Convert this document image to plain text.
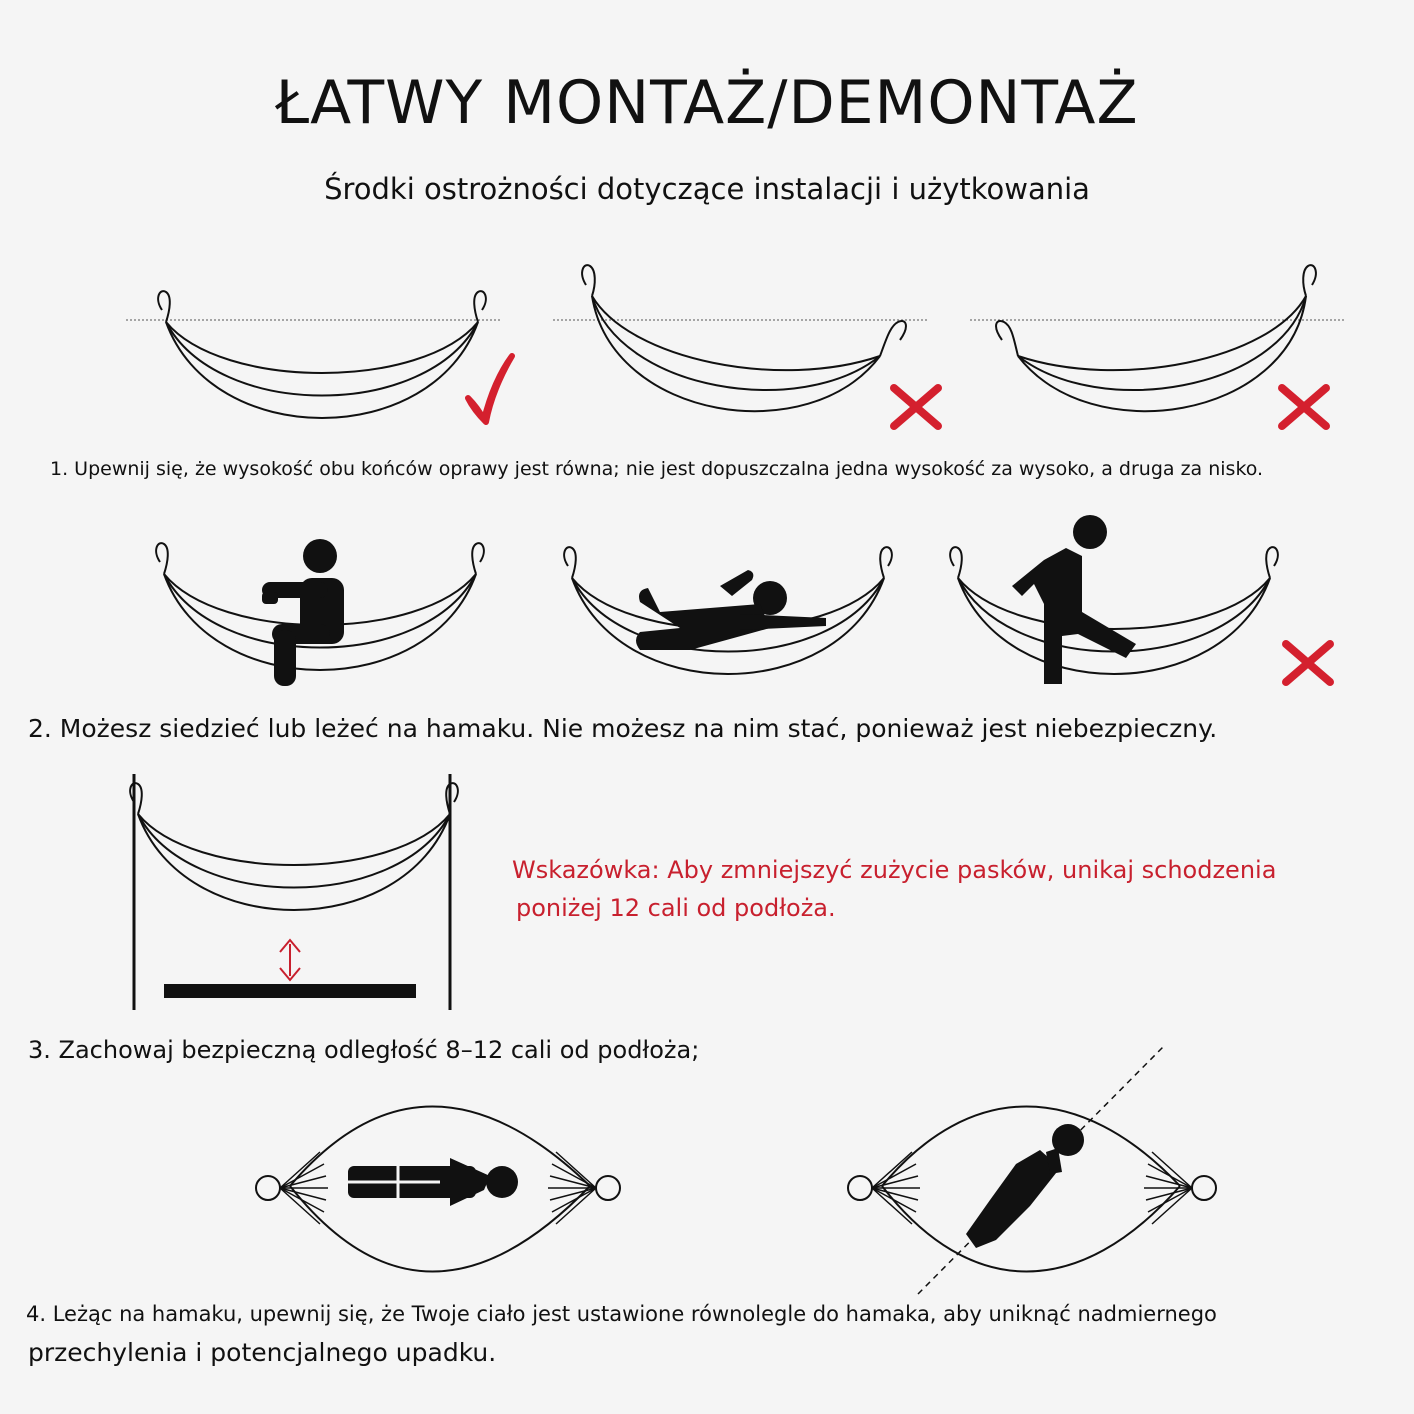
ŁATWY MONTAŻ/DEMONTAŻ
Środki ostrożności dotyczące instalacji i użytkowania
1. Upewnij się, że wysokość obu końców oprawy jest równa; nie jest dopuszczalna jedna wysokość za wysoko, a druga za nisko.
2. Możesz siedzieć lub leżeć na hamaku. Nie możesz na nim stać, ponieważ jest niebezpieczny.
Wskazówka: Aby zmniejszyć zużycie pasków, unikaj schodzenia
poniżej 12 cali od podłoża.
3. Zachowaj bezpieczną odległość 8–12 cali od podłoża;
4. Leżąc na hamaku, upewnij się, że Twoje ciało jest ustawione równolegle do hamaka, aby uniknąć nadmiernego
przechylenia i potencjalnego upadku.
